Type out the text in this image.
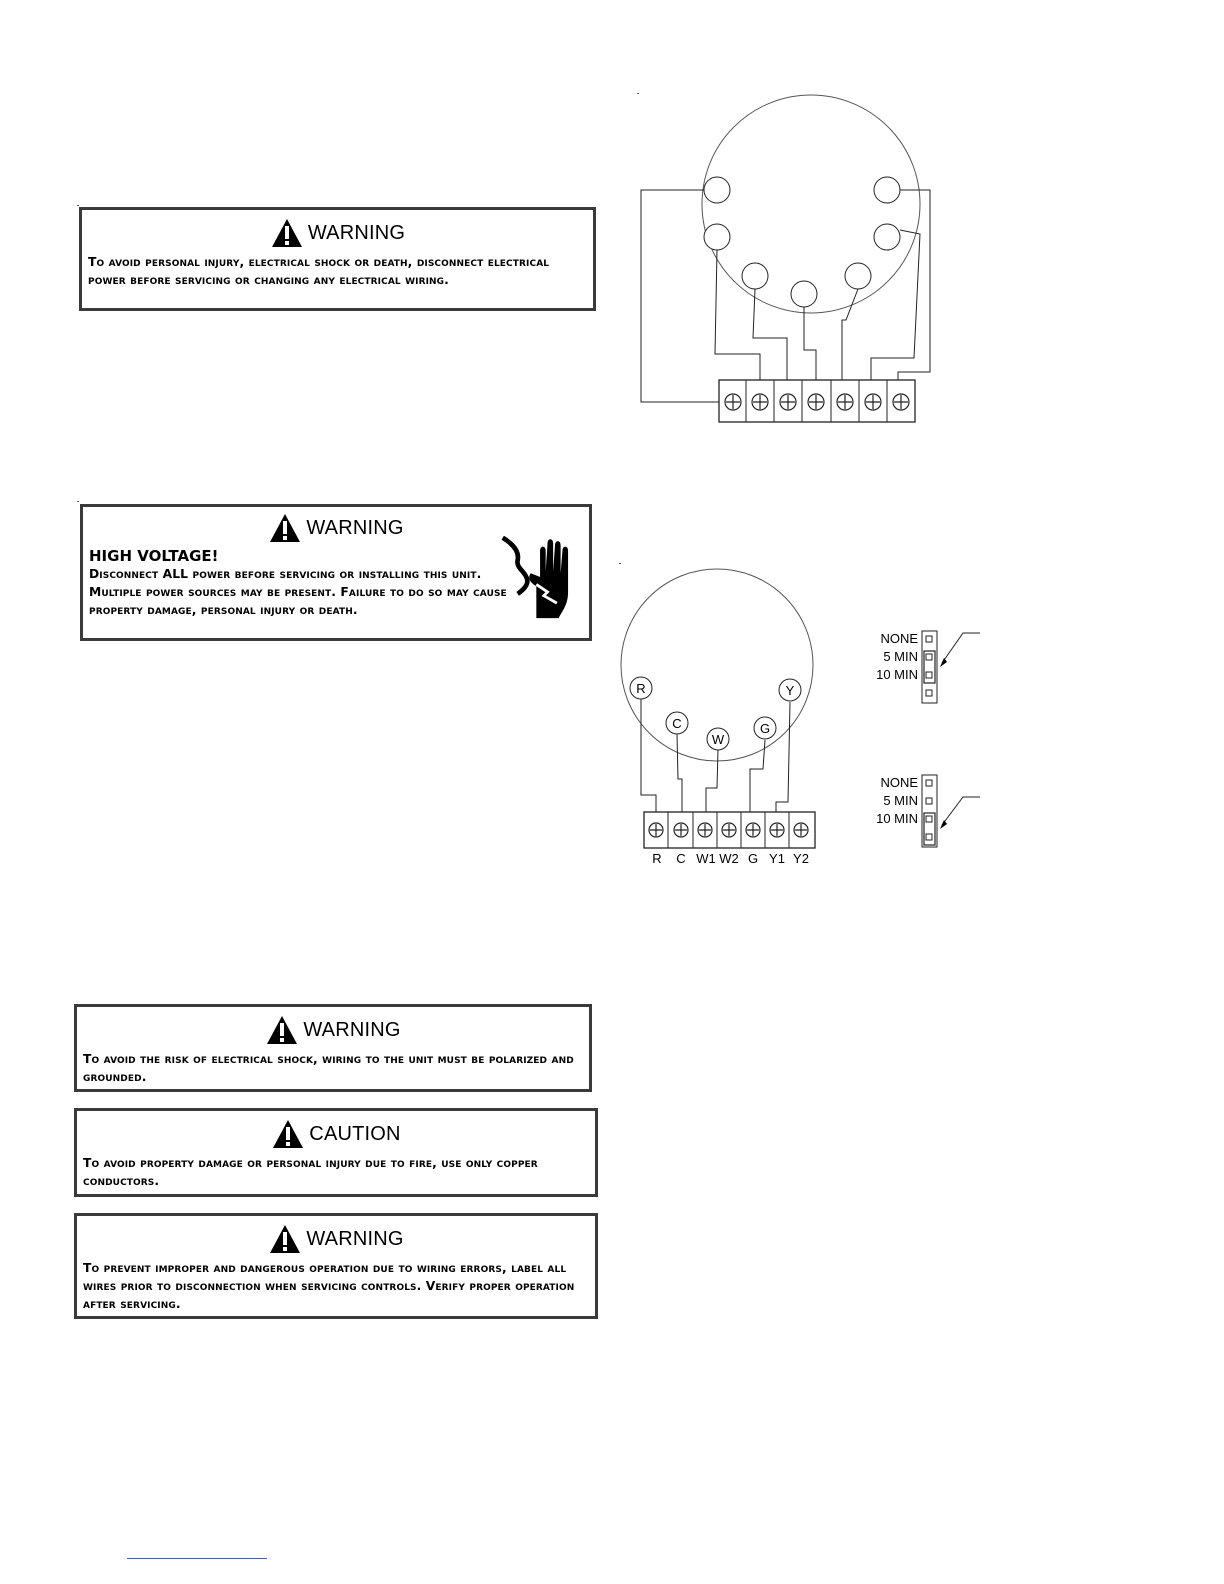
WARNING
To avoid personal injury, electrical shock or death, disconnect electrical power before servicing or changing any electrical wiring.
WARNING
HIGH VOLTAGE!
Disconnect ALL power before servicing or installing this unit. Multiple power sources may be present. Failure to do so may cause property damage, personal injury or death.
WARNING
To avoid the risk of electrical shock, wiring to the unit must be polarized and grounded.
CAUTION
To avoid property damage or personal injury due to fire, use only copper conductors.
WARNING
To prevent improper and dangerous operation due to wiring errors, label all wires prior to disconnection when servicing controls. Verify proper operation after servicing.
R
C
W
G
Y
R C W1 W2 G Y1 Y2
NONE
5 MIN
10 MIN
NONE
5 MIN
10 MIN
